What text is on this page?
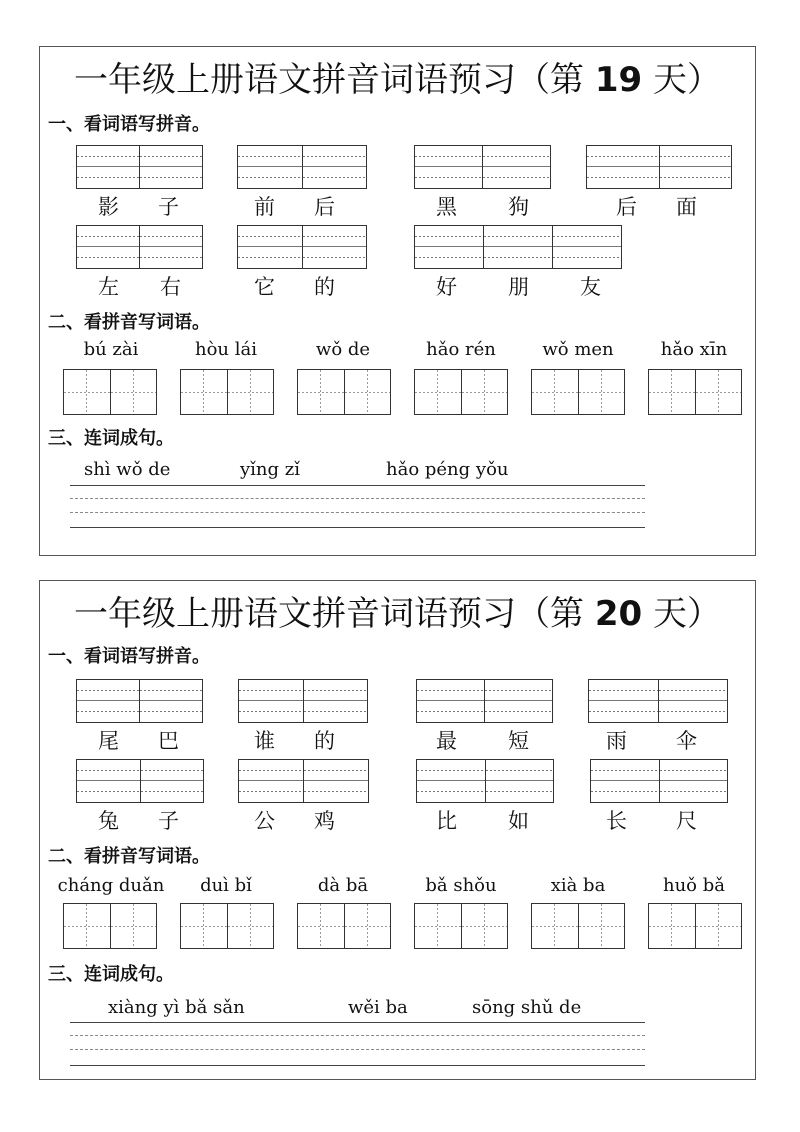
一年级上册语文拼音词语预习（第 19 天）
一、看词语写拼音。
影 子	前 后	黑 狗	后 面
左 右	它 的	好 朋 友
二、看拼音写词语。
bú zài	hòu lái	wǒ de	hǎo rén	wǒ men	hǎo xīn
三、连词成句。
shì wǒ de	yǐng zǐ	hǎo péng yǒu
一年级上册语文拼音词语预习（第 20 天）
一、看词语写拼音。
尾 巴	谁 的	最 短	雨 伞
兔 子	公 鸡	比 如	长 尺
二、看拼音写词语。
cháng duǎn	duì bǐ	dà bā	bǎ shǒu	xià ba	huǒ bǎ
三、连词成句。
xiàng yì bǎ sǎn	wěi ba	sōng shǔ de
